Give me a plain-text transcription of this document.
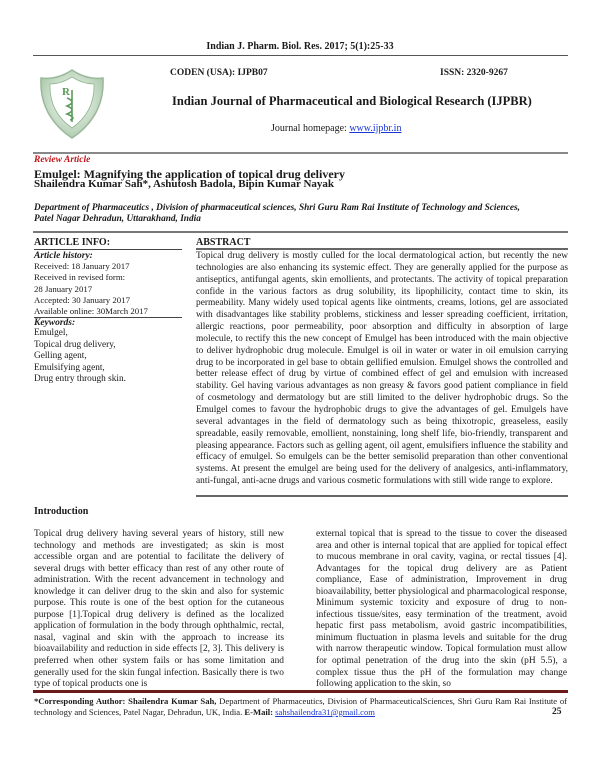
Indian J. Pharm. Biol. Res. 2017; 5(1):25-33
R
CODEN (USA): IJPB07	ISSN: 2320-9267
Indian Journal of Pharmaceutical and Biological Research (IJPBR)
Journal homepage: www.ijpbr.in
Review Article
Emulgel: Magnifying the application of topical drug delivery
Shailendra Kumar Sah*, Ashutosh Badola, Bipin Kumar Nayak
Department of Pharmaceutics , Division of pharmaceutical sciences, Shri Guru Ram Rai Institute of Technology and Sciences,
Patel Nagar Dehradun, Uttarakhand, India
ARTICLE INFO:
Article history:
Received: 18 January 2017
Received in revised form:
28 January 2017
Accepted: 30 January 2017
Available online: 30March 2017
Keywords:
Emulgel,
Topical drug delivery,
Gelling agent,
Emulsifying agent,
Drug entry through skin.
ABSTRACT
Topical drug delivery is mostly culled for the local dermatological action, but recently the new technologies are also enhancing its systemic effect. They are generally applied for the purpose as antiseptics, antifungal agents, skin emollients, and protectants. The activity of topical preparation confide in the various factors as drug solubility, its lipophilicity, contact time to skin, its permeability. Many widely used topical agents like ointments, creams, lotions, gel are associated with disadvantages like stability problems, stickiness and lesser spreading coefficient, irritation, allergic reactions, poor permeability, poor absorption and difficulty in absorption of large molecule, to rectify this the new concept of Emulgel has been introduced with the main objective to deliver hydrophobic drug molecule. Emulgel is oil in water or water in oil emulsion carrying drug to be incorporated in gel base to obtain gellified emulsion. Emulgel shows the controlled and better release effect of drug by virtue of combined effect of gel and emulsion with increased stability. Gel having various advantages as non greasy & favors good patient compliance in field of cosmetology and dermatology but are still limited to the deliver hydrophobic drugs. So the Emulgel comes to favour the hydrophobic drugs to give the advantages of gel. Emulgels have several advantages in the field of dermatology such as being thixotropic, greaseless, easily spreadable, easily removable, emollient, nonstaining, long shelf life, bio-friendly, transparent and pleasing appearance. Factors such as gelling agent, oil agent, emulsifiers influence the stability and efficacy of emulgel. So emulgels can be the better semisolid preparation than other conventional systems. At present the emulgel are being used for the delivery of analgesics, anti-inflammatory, anti-fungal, anti-acne drugs and various cosmetic formulations with still wide range to explore.
Introduction
Topical drug delivery having several years of history, still new technology and methods are investigated; as skin is most accessible organ and are potential to facilitate the delivery of several drugs with better efficacy than rest of any other route of administration. With the recent advancement in technology and knowledge it can deliver drug to the skin and also for systemic purpose. This route is one of the best option for the cutaneous purpose [1].Topical drug delivery is defined as the localized application of formulation in the body through ophthalmic, rectal, nasal, vaginal and skin with the approach to increase its bioavailability and reduction in side effects [2, 3]. This delivery is preferred when other system fails or has some limitation and generally used for the skin fungal infection. Basically there is two type of topical products one is
external topical that is spread to the tissue to cover the diseased area and other is internal topical that are applied for topical effect to mucous membrane in oral cavity, vagina, or rectal tissues [4]. Advantages for the topical drug delivery are as Patient compliance, Ease of administration, Improvement in drug bioavailability, better physiological and pharmacological response, Minimum systemic toxicity and exposure of drug to non-infectious tissue/sites, easy termination of the treatment, avoid hepatic first pass metabolism, avoid gastric incompatibilities, minimum fluctuation in plasma levels and suitable for the drug with narrow therapeutic window. Topical formulation must allow for optimal penetration of the drug into the skin (pH 5.5), a complex tissue thus the pH of the formulation may change following application to the skin, so
*Corresponding Author: Shailendra Kumar Sah, Department of Pharmaceutics, Division of PharmaceuticalSciences, Shri Guru Ram Rai Institute of technology and Sciences, Patel Nagar, Dehradun, UK, India. E-Mail: sahshailendra31@gmail.com	25
